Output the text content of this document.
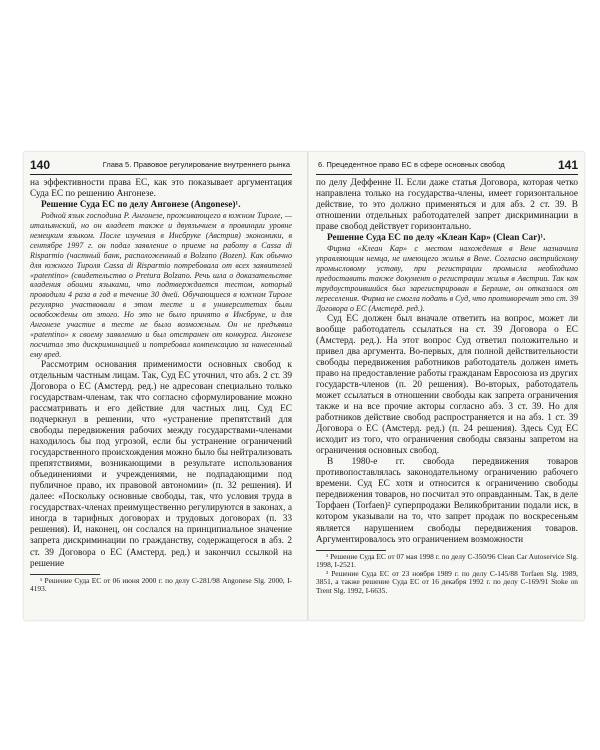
140	Глава 5. Правовое регулирование внутреннего рынка

на эффективности права ЕС, как это показывает аргументация Суда ЕС по решению Ангонезе.

Решение Суда ЕС по делу Ангонезе (Angonese)¹.

Родной язык господина Р. Ангонезе, проживающего в южном Тироле, — итальянский, но он владеет также и двуязычием в провинции уровне немецким языком. После изучения в Инсбруке (Австрия) экономики, в сентябре 1997 г. он подал заявление о приеме на работу в Cassa di Risparmio (частный банк, расположенный в Bolzano (Bozen). Как обычно для южного Тироля Cassa di Risparmio потребовала от всех заявителей «patentino» (свидетельство о Pretura Bolzano. Речь шла о доказательстве владения обоими языками, что подтверждается тестом, который проводили 4 раза в год в течение 30 дней. Обучающиеся в южном Тироле регулярно участвовали в этом тесте и в университетах были освобождены от этого. Но это не было принято в Инсбруке, и для Ангонезе участие в тесте не было возможным. Он не предъявил «patentino» к своему заявлению и был отстранен от конкурса. Ангонезе посчитал это дискриминацией и потребовал компенсацию за нанесенный ему вред.

Рассмотрим основания применимости основных свобод к отдельным частным лицам. Так, Суд ЕС уточнил, что абз. 2 ст. 39 Договора о ЕС (Амстерд. ред.) не адресован специально только государствам-членам, так что согласно сформулирование можно рассматривать и его действие для частных лиц. Суд ЕС подчеркнул в решении, что «устранение препятствий для свободы передвижения рабочих между государствами-членами находилось бы под угрозой, если бы устранение ограничений государственного происхождения можно было бы нейтрализовать препятствиями, возникающими в результате использования объединениями и учреждениями, не подпадающими под публичное право, их правовой автономии» (п. 32 решения). И далее: «Поскольку основные свободы, так, что условия труда в государствах-членах преимущественно регулируются в законах, а иногда в тарифных договорах и трудовых договорах (п. 33 решения). И, наконец, он сослался на принципиальное значение запрета дискриминации по гражданству, содержащегося в абз. 2 ст. 39 Договора о ЕС (Амстерд. ред.) и закончил ссылкой на решение

¹ Решение Суда ЕС от 06 июня 2000 г. по делу С-281/98 Angonese Slg. 2000, I-4193.

6. Прецедентное право ЕС в сфере основных свобод	141

по делу Деффенне II. Если даже статья Договора, которая четко направлена только на государства-члены, имеет горизонтальное действие, то это должно применяться и для абз. 2 ст. 39. В отношении отдельных работодателей запрет дискриминации в праве свобод действует горизонтально.

Решение Суда ЕС по делу «Клеан Кар» (Clean Car)¹.

Фирма «Клеан Кар» с местом нахождения в Вене назначила управляющим немца, не имеющего жилья в Вене. Согласно австрийскому промысловому уставу, при регистрации промысла необходимо предоставить также документ о регистрации жилья в Австрии. Так как трудоустроившийся был зарегистрирован в Берлине, он отказался от переселения. Фирма не смогла подать в Суд, что противоречит это ст. 39 Договора о ЕС (Амстерд. ред.).

Суд ЕС должен был вначале ответить на вопрос, может ли вообще работодатель ссылаться на ст. 39 Договора о ЕС (Амстерд. ред.). На этот вопрос Суд ответил положительно и привел два аргумента. Во-первых, для полной действительности свободы передвижения работников работодатель должен иметь право на предоставление работы гражданам Евросоюза из других государств-членов (п. 20 решения). Во-вторых, работодатель может ссылаться в отношении свободы как запрета ограничения также и на все прочие акторы согласно абз. 3 ст. 39. Но для работников действие свобод распространяется и на абз. 1 ст. 39 Договора о ЕС (Амстерд. ред.) (п. 24 решения). Здесь Суд ЕС исходит из того, что ограничения свободы связаны запретом на ограничения основных свобод.

В 1980-е гг. свобода передвижения товаров противопоставлялась законодательному ограничению рабочего времени. Суд ЕС хотя и относится к ограничению свободы передвижения товаров, но посчитал это оправданным. Так, в деле Торфаен (Torfaen)² суперпродажи Великобритании подали иск, в котором указывали на то, что запрет продаж по воскресеньям является нарушением свободы передвижения товаров. Аргументировалось это ограничением возможности

¹ Решение Суда ЕС от 07 мая 1998 г. по делу С-350/96 Clean Car Autoservice Slg. 1998, I-2521.

² Решение Суда ЕС от 23 ноября 1989 г. по делу С-145/88 Torfaen Slg. 1989, 3851, а также решение Суда ЕС от 16 декабря 1992 г. по делу С-169/91 Stoke on Trent Slg. 1992, I-6635.
